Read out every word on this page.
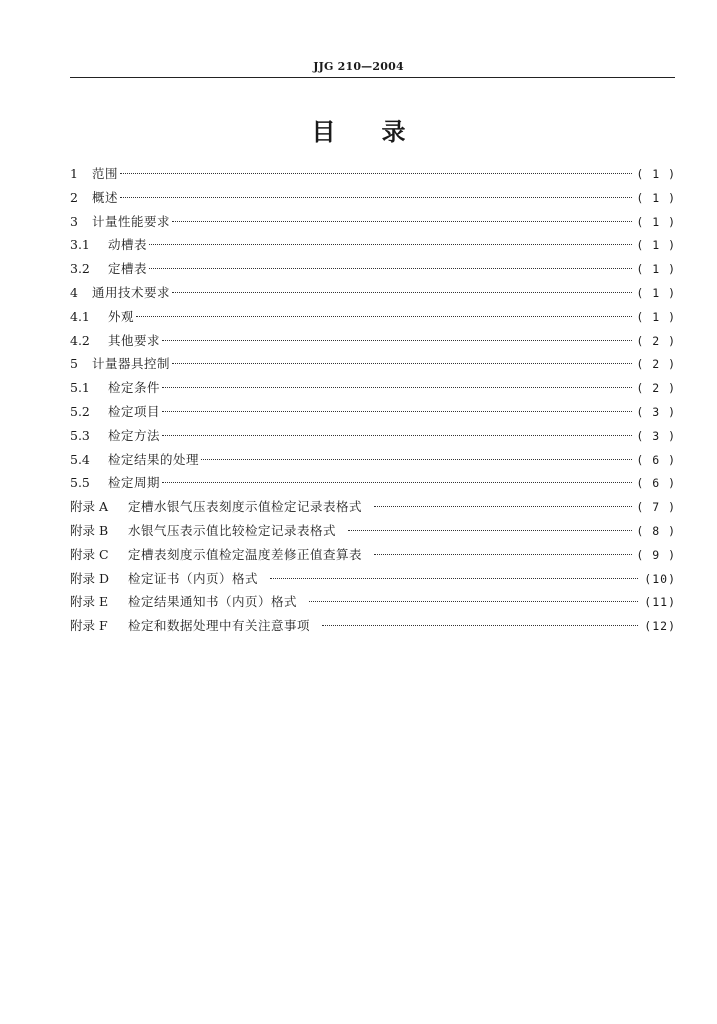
JJG 210—2004
目录
1	范围	( 1 )
2	概述	( 1 )
3	计量性能要求	( 1 )
3.1	动槽表	( 1 )
3.2	定槽表	( 1 )
4	通用技术要求	( 1 )
4.1	外观	( 1 )
4.2	其他要求	( 2 )
5	计量器具控制	( 2 )
5.1	检定条件	( 2 )
5.2	检定项目	( 3 )
5.3	检定方法	( 3 )
5.4	检定结果的处理	( 6 )
5.5	检定周期	( 6 )
附录 A	定槽水银气压表刻度示值检定记录表格式	( 7 )
附录 B	水银气压表示值比较检定记录表格式	( 8 )
附录 C	定槽表刻度示值检定温度差修正值查算表	( 9 )
附录 D	检定证书（内页）格式	(10)
附录 E	检定结果通知书（内页）格式	(11)
附录 F	检定和数据处理中有关注意事项	(12)
